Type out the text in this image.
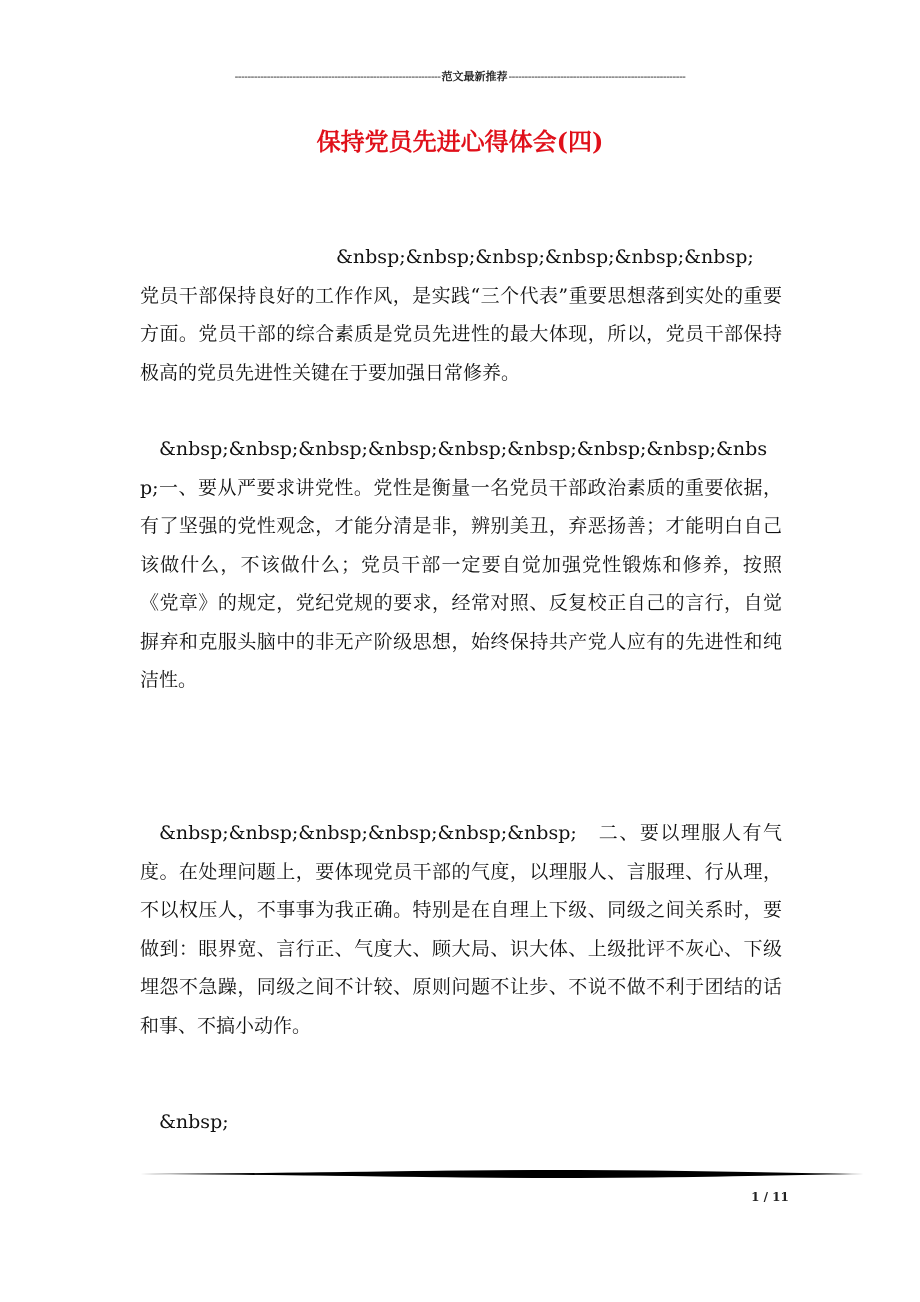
----------------------------------------------------------------范文最新推荐-------------------------------------------------------
保持党员先进心得体会(四)
&nbsp;&nbsp;&nbsp;&nbsp;&nbsp;&nbsp;　党员干部保持良好的工作作风，是实践“三个代表”重要思想落到实处的重要方面。党员干部的综合素质是党员先进性的最大体现，所以，党员干部保持极高的党员先进性关键在于要加强日常修养。
&nbsp;&nbsp;&nbsp;&nbsp;&nbsp;&nbsp;&nbsp;&nbsp;&nbsp;一、要从严要求讲党性。党性是衡量一名党员干部政治素质的重要依据，有了坚强的党性观念，才能分清是非，辨别美丑，弃恶扬善；才能明白自己该做什么，不该做什么；党员干部一定要自觉加强党性锻炼和修养，按照《党章》的规定，党纪党规的要求，经常对照、反复校正自己的言行，自觉摒弃和克服头脑中的非无产阶级思想，始终保持共产党人应有的先进性和纯洁性。
&nbsp;&nbsp;&nbsp;&nbsp;&nbsp;&nbsp;　二、要以理服人有气度。在处理问题上，要体现党员干部的气度，以理服人、言服理、行从理，不以权压人，不事事为我正确。特别是在自理上下级、同级之间关系时，要做到：眼界宽、言行正、气度大、顾大局、识大体、上级批评不灰心、下级埋怨不急躁，同级之间不计较、原则问题不让步、不说不做不利于团结的话和事、不搞小动作。
&nbsp;
1 / 11
